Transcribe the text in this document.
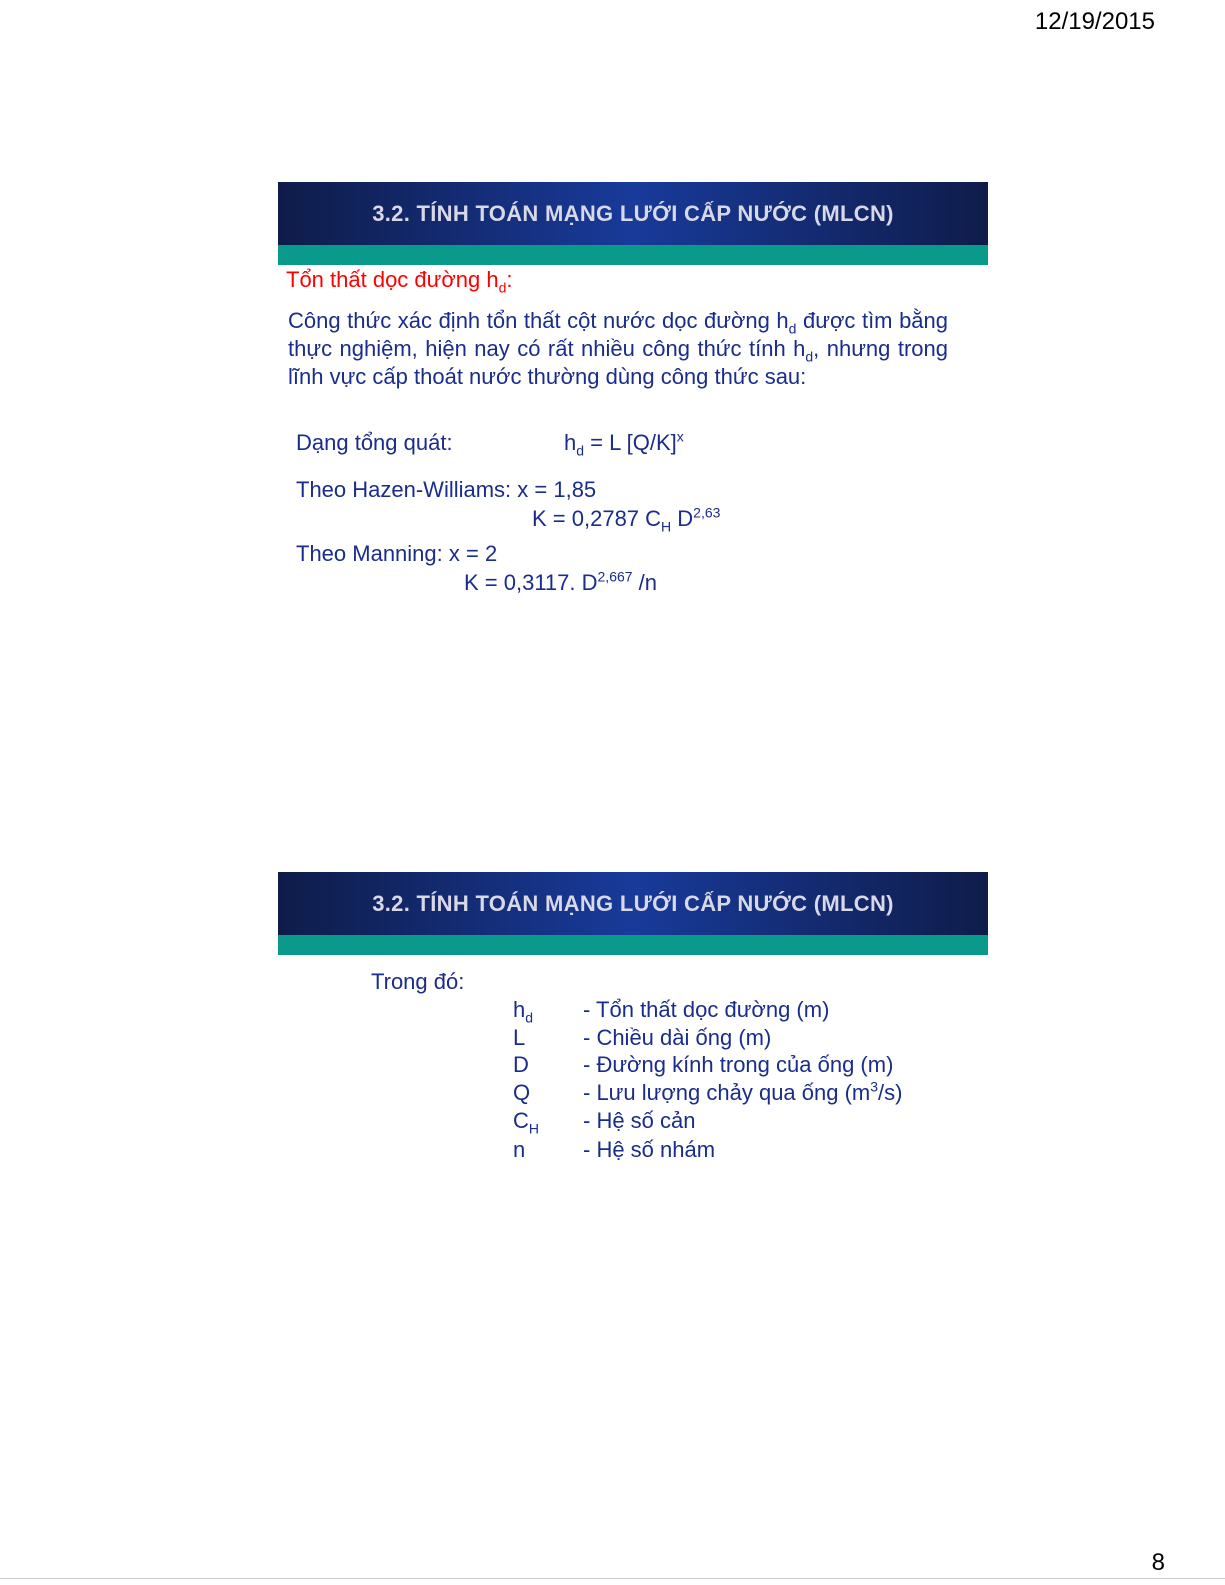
12/19/2015
3.2. TÍNH TOÁN MẠNG LƯỚI CẤP NƯỚC (MLCN)
Tổn thất dọc đường $h_d$:

Công thức xác định tổn thất cột nước dọc đường $h_d$ được tìm bằng thực nghiệm, hiện nay có rất nhiều công thức tính $h_d$, nhưng trong lĩnh vực cấp thoát nước thường dùng công thức sau:

Dạng tổng quát:	$h_d = L$ $[Q/K]^x$
Theo Hazen-Williams: x = 1,85
K = 0,2787 $C_H$ D$^{2,63}$
Theo Manning: x = 2
K = 0,3117. D$^{2,667}$ /n
3.2. TÍNH TOÁN MẠNG LƯỚI CẤP NƯỚC (MLCN)
Trong đó:
$h_d$ - Tổn thất dọc đường (m)
L	- Chiều dài ống (m)
D - Đường kính trong của ống (m)
Q - Lưu lượng chảy qua ống $(m^3/s)$
$C_H$ - Hệ số cản
n	- Hệ số nhám
8
